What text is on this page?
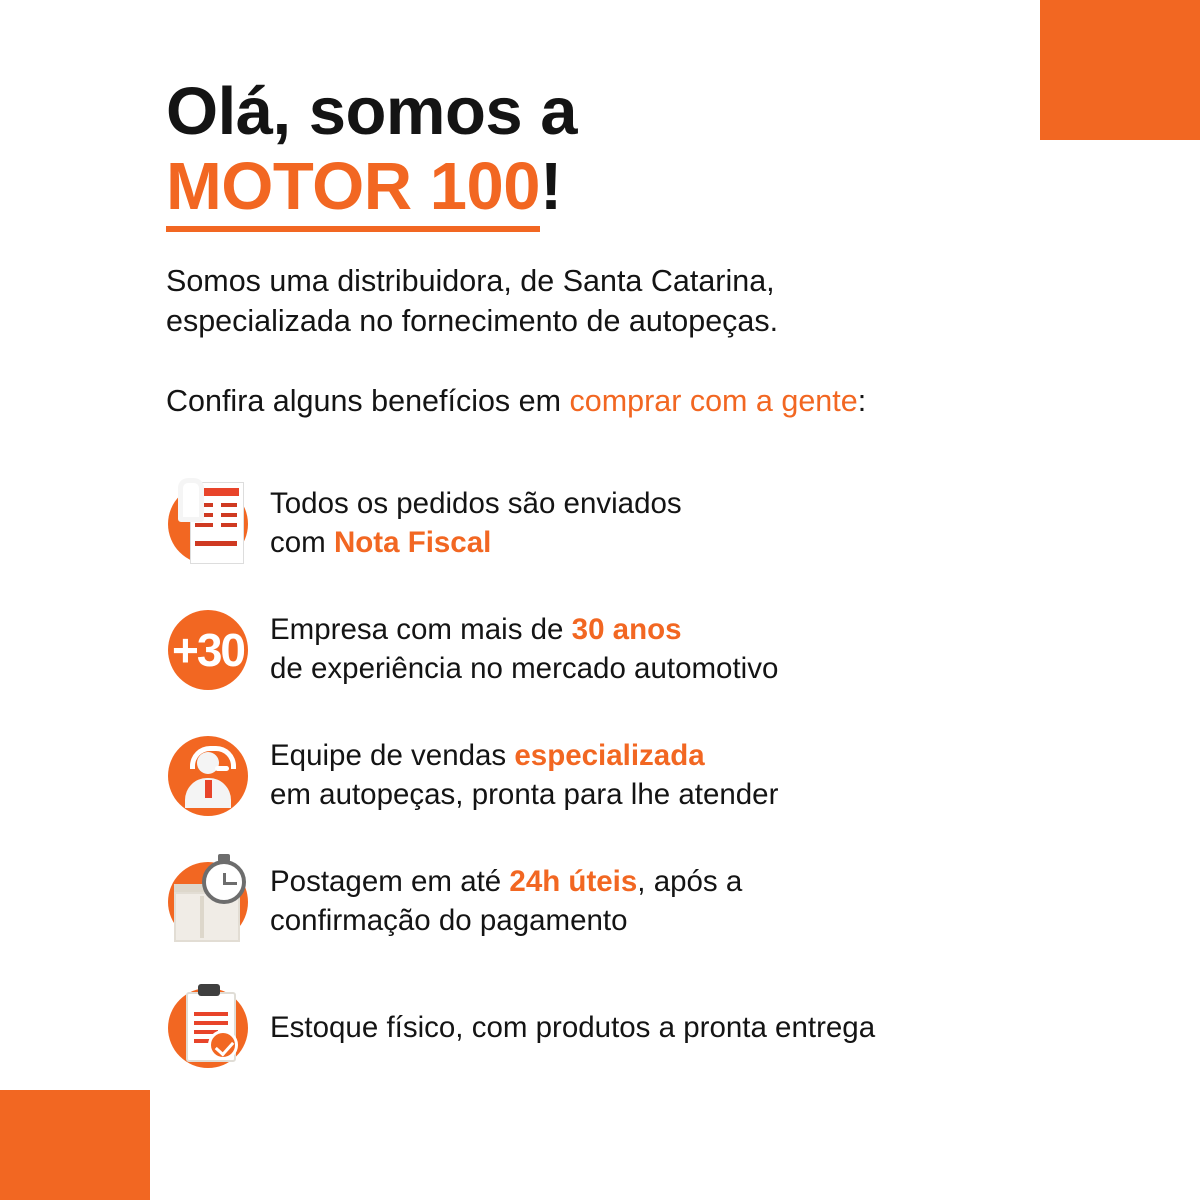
Olá, somos a
MOTOR 100!
Somos uma distribuidora, de Santa Catarina,
especializada no fornecimento de autopeças.
Confira alguns benefícios em comprar com a gente:
Todos os pedidos são enviados
com Nota Fiscal
+30 Empresa com mais de 30 anos
de experiência no mercado automotivo
Equipe de vendas especializada
em autopeças, pronta para lhe atender
Postagem em até 24h úteis, após a
confirmação do pagamento
Estoque físico, com produtos a pronta entrega
